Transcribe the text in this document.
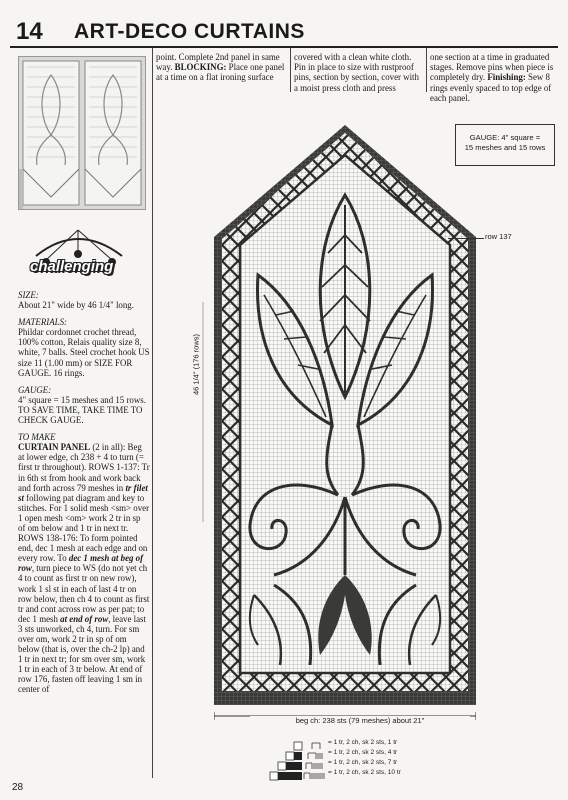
14 ART-DECO CURTAINS
challenging

SIZE:
About 21" wide by 46 1/4" long.

MATERIALS:
Phildar cordonnet crochet thread, 100% cotton, Relais quality size 8, white, 7 balls. Steel crochet hook US size 11 (1.00 mm) or SIZE FOR GAUGE. 16 rings.

GAUGE:
4" square = 15 meshes and 15 rows. TO SAVE TIME, TAKE TIME TO CHECK GAUGE.

TO MAKE
CURTAIN PANEL (2 in all): Beg at lower edge, ch 238 + 4 to turn (= first tr throughout). ROWS 1-137: Tr in 6th st from hook and work back and forth across 79 meshes in tr filet st following pat diagram and key to stitches. For 1 solid mesh <sm> over 1 open mesh <om> work 2 tr in sp of om below and 1 tr in next tr. ROWS 138-176: To form pointed end, dec 1 mesh at each edge and on every row. To dec 1 mesh at beg of row, turn piece to WS (do not yet ch 4 to count as first tr on new row), work 1 sl st in each of last 4 tr on row below, then ch 4 to count as first tr and cont across row as per pat; to dec 1 mesh at end of row, leave last 3 sts unworked, ch 4, turn. For sm over om, work 2 tr in sp of om below (that is, over the ch-2 lp) and 1 tr in next tr; for sm over sm, work 1 tr in each of 3 tr below. At end of row 176, fasten off leaving 1 sm in center of

point. Complete 2nd panel in same way. BLOCKING: Place one panel at a time on a flat ironing surface
covered with a clean white cloth. Pin in place to size with rustproof pins, section by section, cover with a moist press cloth and press
one section at a time in graduated stages. Remove pins when piece is completely dry. Finishing: Sew 8 rings evenly spaced to top edge of each panel.
GAUGE: 4" square =
15 meshes and 15 rows
row 137
46 1/4" (176 rows)
beg ch: 238 sts (79 meshes) about 21"
= 1 tr, 2 ch, sk 2 sts, 1 tr
= 1 tr, 2 ch, sk 2 sts, 4 tr
= 1 tr, 2 ch, sk 2 sts, 7 tr
= 1 tr, 2 ch, sk 2 sts, 10 tr
28
